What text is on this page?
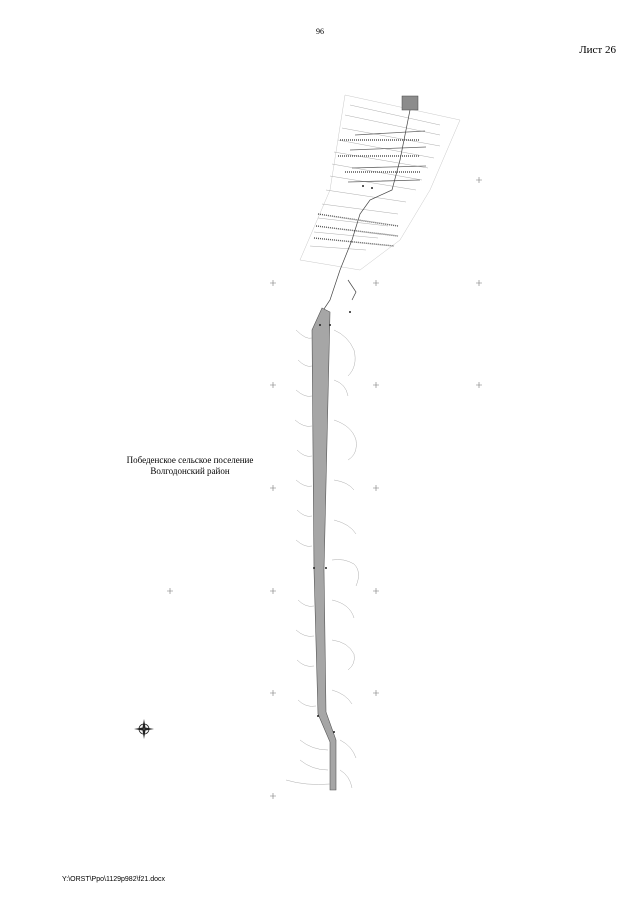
96
Лист 26
Победенское сельское поселение
Волгодонский район
Y:\ORST\Ppo\1129p982\f21.docx
